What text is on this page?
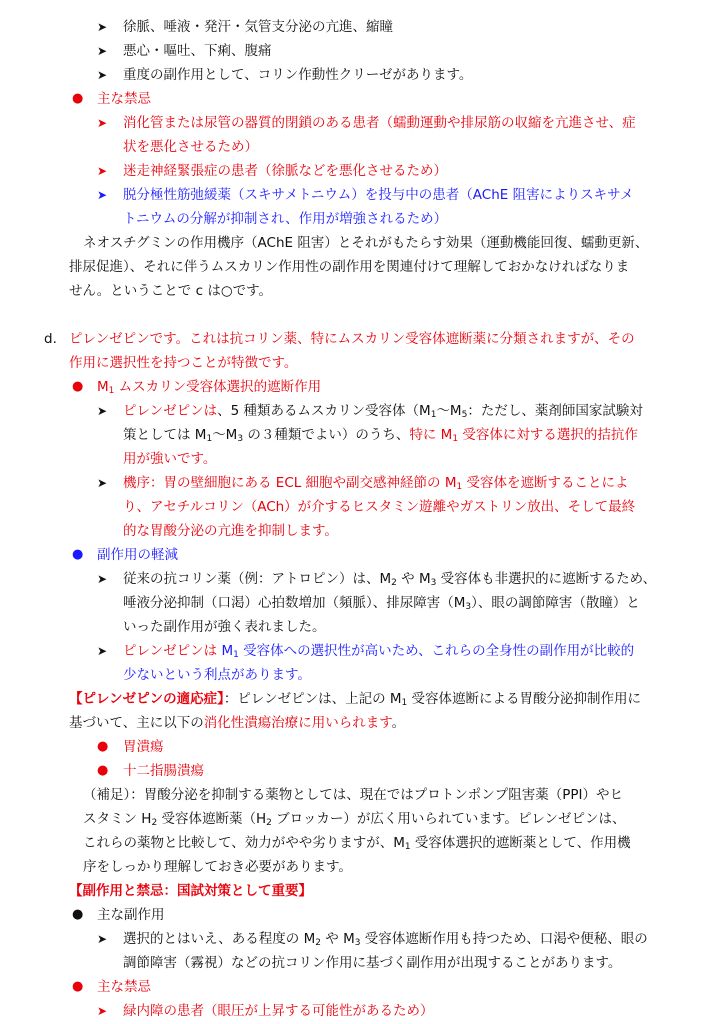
➤ 徐脈、唾液・発汗・気管支分泌の亢進、縮瞳
➤ 悪心・嘔吐、下痢、腹痛
➤ 重度の副作用として、コリン作動性クリーゼがあります。
● 主な禁忌
➤ 消化管または尿管の器質的閉鎖のある患者（蠕動運動や排尿筋の収縮を亢進させ、症
状を悪化させるため）
➤ 迷走神経緊張症の患者（徐脈などを悪化させるため）
➤ 脱分極性筋弛緩薬（スキサメトニウム）を投与中の患者（AChE 阻害によりスキサメ
トニウムの分解が抑制され、作用が増強されるため）
ネオスチグミンの作用機序（AChE 阻害）とそれがもたらす効果（運動機能回復、蠕動更新、
排尿促進）、それに伴うムスカリン作用性の副作用を関連付けて理解しておかなければなりま
せん。ということで c は○です。
d. ピレンゼピンです。これは抗コリン薬、特にムスカリン受容体遮断薬に分類されますが、その
作用に選択性を持つことが特徴です。
● $M_1$ ムスカリン受容体選択的遮断作用
➤ ピレンゼピンは、5 種類あるムスカリン受容体（$M_1\sim M_5$：ただし、薬剤師国家試験対
策としては $M_1\sim M_3$ の３種類でよい）のうち、特に $M_1$ 受容体に対する選択的拮抗作
用が強いです。
➤ 機序：胃の壁細胞にある ECL 細胞や副交感神経節の $M_1$ 受容体を遮断することによ
り、アセチルコリン（ACh）が介するヒスタミン遊離やガストリン放出、そして最終
的な胃酸分泌の亢進を抑制します。
● 副作用の軽減
➤ 従来の抗コリン薬（例：アトロピン）は、$M_2$ や $M_3$ 受容体も非選択的に遮断するため、
唾液分泌抑制（口渇）心拍数増加（頻脈）、排尿障害$(M_3)$、眼の調節障害（散瞳）と
いった副作用が強く表れました。
➤ ピレンゼピンは $M_1$ 受容体への選択性が高いため、これらの全身性の副作用が比較的
少ないという利点があります。
【ピレンゼピンの適応症】：ピレンゼピンは、上記の $M_1$ 受容体遮断による胃酸分泌抑制作用に
基づいて、主に以下の消化性潰瘍治療に用いられます。
● 胃潰瘍
● 十二指腸潰瘍
（補足）：胃酸分泌を抑制する薬物としては、現在ではプロトンポンプ阻害薬（PPI）やヒ
スタミン $H_2$ 受容体遮断薬（$H_2$ ブロッカー）が広く用いられています。ピレンゼピンは、
これらの薬物と比較して、効力がやや劣りますが、$M_1$ 受容体選択的遮断薬として、作用機
序をしっかり理解しておき必要があります。
【副作用と禁忌：国試対策として重要】
● 主な副作用
➤ 選択的とはいえ、ある程度の $M_2$ や $M_3$ 受容体遮断作用も持つため、口渇や便秘、眼の
調節障害（霧視）などの抗コリン作用に基づく副作用が出現することがあります。
● 主な禁忌
➤ 緑内障の患者（眼圧が上昇する可能性があるため）
